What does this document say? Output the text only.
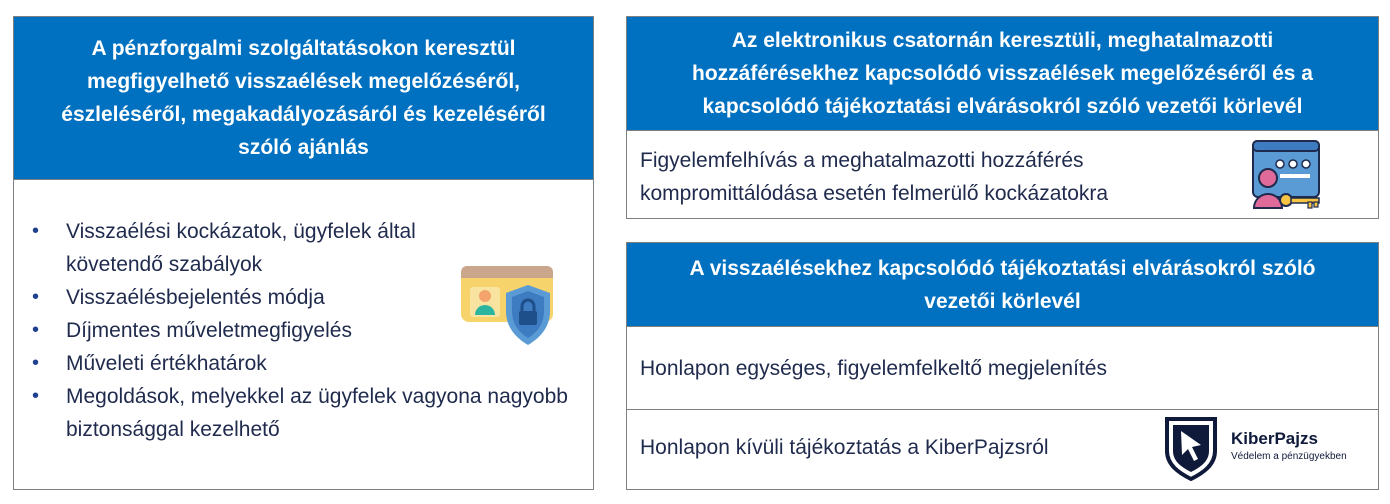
A pénzforgalmi szolgáltatásokon keresztül
megfigyelhető visszaélések megelőzéséről,
észleléséről, megakadályozásáról és kezeléséről
szóló ajánlás
• Visszaélési kockázatok, ügyfelek által követendő szabályok
• Visszaélésbejelentés módja
• Díjmentes műveletmegfigyelés
• Műveleti értékhatárok
• Megoldások, melyekkel az ügyfelek vagyona nagyobb biztonsággal kezelhető
Az elektronikus csatornán keresztüli, meghatalmazotti
hozzáférésekhez kapcsolódó visszaélések megelőzéséről és a
kapcsolódó tájékoztatási elvárásokról szóló vezetői körlevél
Figyelemfelhívás a meghatalmazotti hozzáférés
kompromittálódása esetén felmerülő kockázatokra
A visszaélésekhez kapcsolódó tájékoztatási elvárásokról szóló
vezetői körlevél
Honlapon egységes, figyelemfelkeltő megjelenítés
Honlapon kívüli tájékoztatás a KiberPajzsról	KiberPajzs
Védelem a pénzügyekben
